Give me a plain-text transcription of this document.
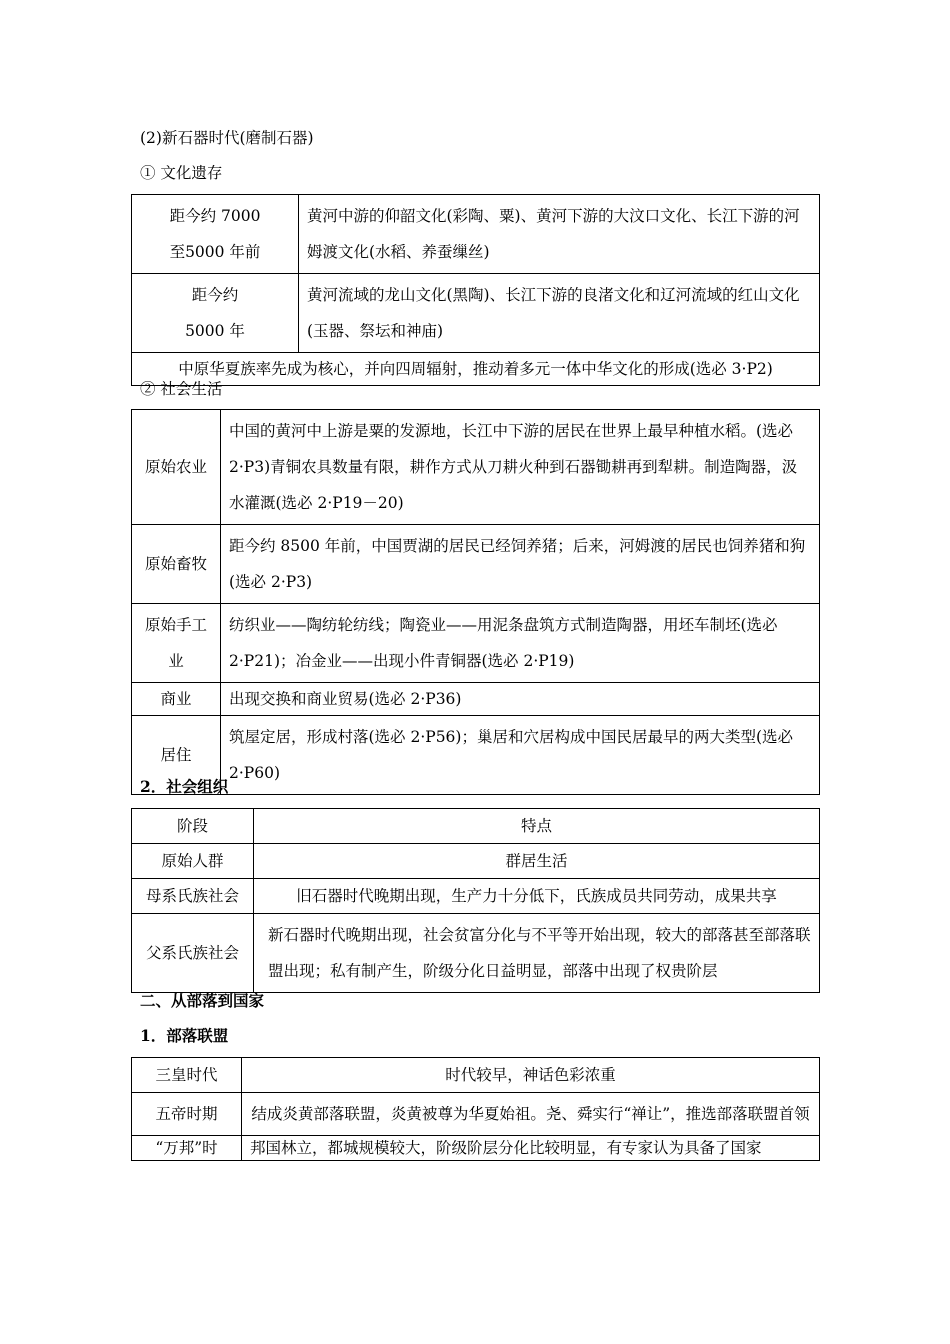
(2)新石器时代(磨制石器)
① 文化遗存
距今约 7000
至5000 年前	黄河中游的仰韶文化(彩陶、粟)、黄河下游的大汶口文化、长江下游的河姆渡文化(水稻、养蚕缫丝)

距今约
5000 年	黄河流域的龙山文化(黑陶)、长江下游的良渚文化和辽河流域的红山文化(玉器、祭坛和神庙)
中原华夏族率先成为核心，并向四周辐射，推动着多元一体中华文化的形成(选必 3·P2)	
② 社会生活
原始农业	中国的黄河中上游是粟的发源地，长江中下游的居民在世界上最早种植水稻。(选必 2·P3)青铜农具数量有限，耕作方式从刀耕火种到石器锄耕再到犁耕。制造陶器，汲水灌溉(选必 2·P19－20)
原始畜牧	距今约 8500 年前，中国贾湖的居民已经饲养猪；后来，河姆渡的居民也饲养猪和狗(选必 2·P3)
原始手工业	纺织业——陶纺轮纺线；陶瓷业——用泥条盘筑方式制造陶器，用坯车制坯(选必 2·P21)；冶金业——出现小件青铜器(选必 2·P19)
商业	出现交换和商业贸易(选必 2·P36)
居住	筑屋定居，形成村落(选必 2·P56)；巢居和穴居构成中国民居最早的两大类型(选必 2·P60)
2．社会组织
阶段	特点
原始人群	群居生活
母系氏族社会	旧石器时代晚期出现，生产力十分低下，氏族成员共同劳动，成果共享
父系氏族社会	新石器时代晚期出现，社会贫富分化与不平等开始出现，较大的部落甚至部落联盟出现；私有制产生，阶级分化日益明显，部落中出现了权贵阶层
二、从部落到国家
1．部落联盟
三皇时代	时代较早，神话色彩浓重
五帝时期	结成炎黄部落联盟，炎黄被尊为华夏始祖。尧、舜实行“禅让”，推选部落联盟首领
“万邦”时	邦国林立，都城规模较大，阶级阶层分化比较明显，有专家认为具备了国家
